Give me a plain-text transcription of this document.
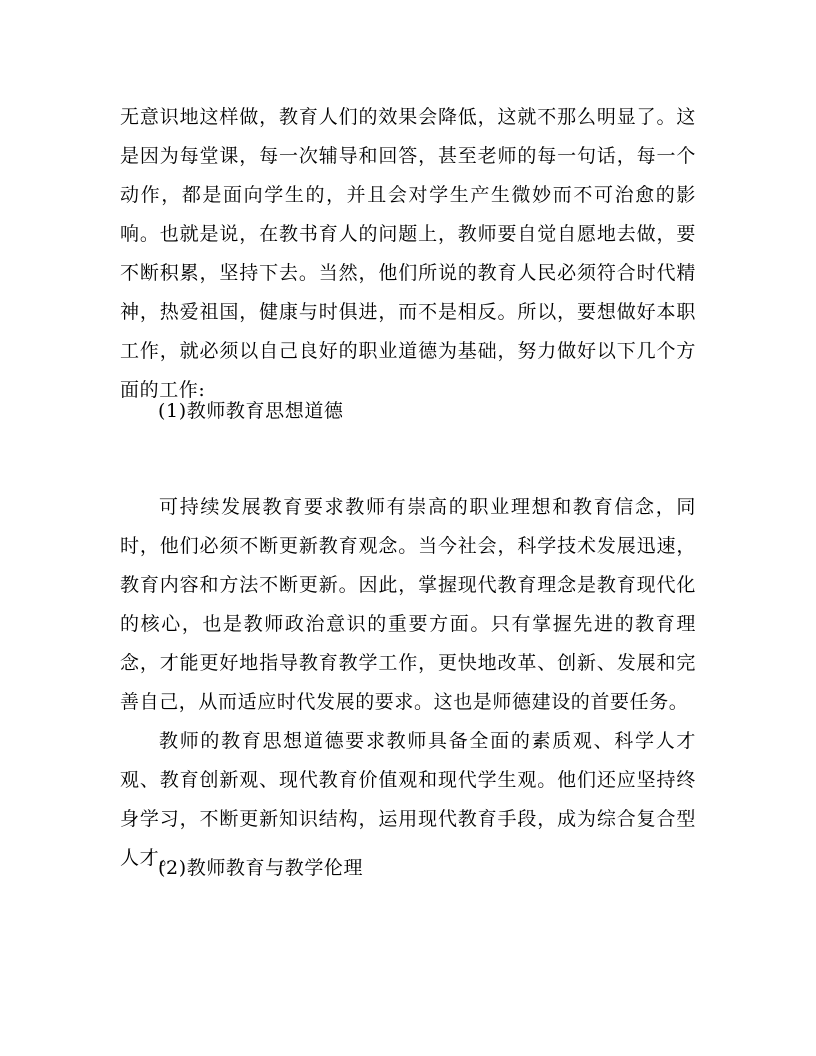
无意识地这样做，教育人们的效果会降低，这就不那么明显了。这是因为每堂课，每一次辅导和回答，甚至老师的每一句话，每一个动作，都是面向学生的，并且会对学生产生微妙而不可治愈的影响。也就是说，在教书育人的问题上，教师要自觉自愿地去做，要不断积累，坚持下去。当然，他们所说的教育人民必须符合时代精神，热爱祖国，健康与时俱进，而不是相反。所以，要想做好本职工作，就必须以自己良好的职业道德为基础，努力做好以下几个方面的工作:

(1)教师教育思想道德

可持续发展教育要求教师有崇高的职业理想和教育信念，同时，他们必须不断更新教育观念。当今社会，科学技术发展迅速，教育内容和方法不断更新。因此，掌握现代教育理念是教育现代化的核心，也是教师政治意识的重要方面。只有掌握先进的教育理念，才能更好地指导教育教学工作，更快地改革、创新、发展和完善自己，从而适应时代发展的要求。这也是师德建设的首要任务。

教师的教育思想道德要求教师具备全面的素质观、科学人才观、教育创新观、现代教育价值观和现代学生观。他们还应坚持终身学习，不断更新知识结构，运用现代教育手段，成为综合复合型人才。

(2)教师教育与教学伦理
